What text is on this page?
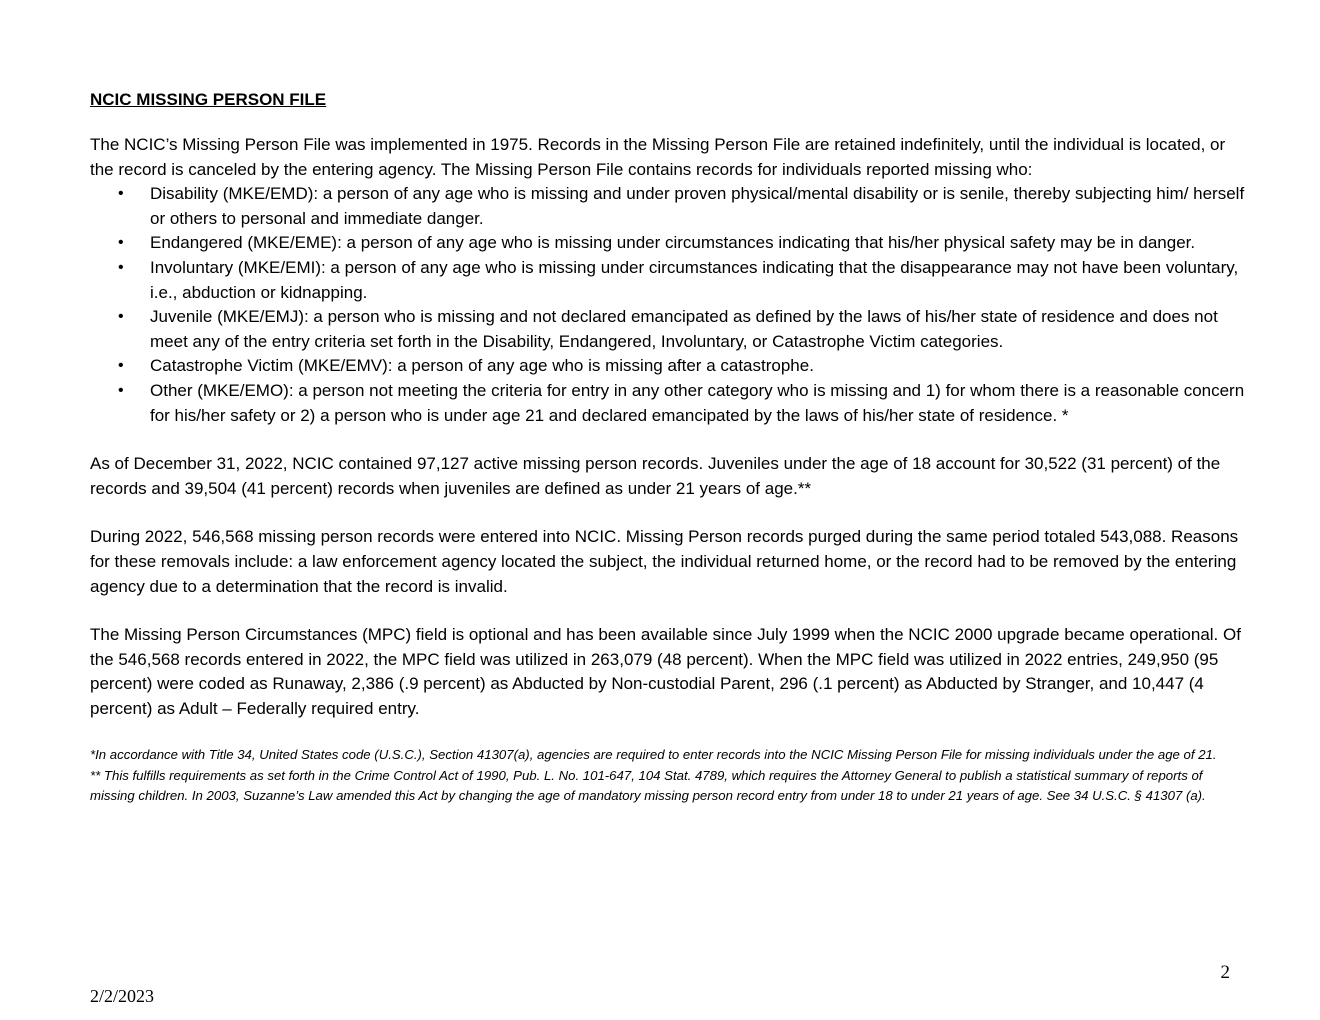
NCIC MISSING PERSON FILE

The NCIC’s Missing Person File was implemented in 1975. Records in the Missing Person File are retained indefinitely, until the individual is located, or the record is canceled by the entering agency. The Missing Person File contains records for individuals reported missing who:

• Disability (MKE/EMD): a person of any age who is missing and under proven physical/mental disability or is senile, thereby subjecting him/ herself or others to personal and immediate danger.
• Endangered (MKE/EME): a person of any age who is missing under circumstances indicating that his/her physical safety may be in danger.
• Involuntary (MKE/EMI): a person of any age who is missing under circumstances indicating that the disappearance may not have been voluntary, i.e., abduction or kidnapping.
• Juvenile (MKE/EMJ): a person who is missing and not declared emancipated as defined by the laws of his/her state of residence and does not meet any of the entry criteria set forth in the Disability, Endangered, Involuntary, or Catastrophe Victim categories.
• Catastrophe Victim (MKE/EMV): a person of any age who is missing after a catastrophe.
• Other (MKE/EMO): a person not meeting the criteria for entry in any other category who is missing and 1) for whom there is a reasonable concern for his/her safety or 2) a person who is under age 21 and declared emancipated by the laws of his/her state of residence. *

As of December 31, 2022, NCIC contained 97,127 active missing person records. Juveniles under the age of 18 account for 30,522 (31 percent) of the records and 39,504 (41 percent) records when juveniles are defined as under 21 years of age.**

During 2022, 546,568 missing person records were entered into NCIC. Missing Person records purged during the same period totaled 543,088. Reasons for these removals include: a law enforcement agency located the subject, the individual returned home, or the record had to be removed by the entering agency due to a determination that the record is invalid.

The Missing Person Circumstances (MPC) field is optional and has been available since July 1999 when the NCIC 2000 upgrade became operational. Of the 546,568 records entered in 2022, the MPC field was utilized in 263,079 (48 percent). When the MPC field was utilized in 2022 entries, 249,950 (95 percent) were coded as Runaway, 2,386 (.9 percent) as Abducted by Non-custodial Parent, 296 (.1 percent) as Abducted by Stranger, and 10,447 (4 percent) as Adult – Federally required entry.

*In accordance with Title 34, United States code (U.S.C.), Section 41307(a), agencies are required to enter records into the NCIC Missing Person File for missing individuals under the age of 21.

** This fulfills requirements as set forth in the Crime Control Act of 1990, Pub. L. No. 101-647, 104 Stat. 4789, which requires the Attorney General to publish a statistical summary of reports of missing children. In 2003, Suzanne’s Law amended this Act by changing the age of mandatory missing person record entry from under 18 to under 21 years of age. See 34 U.S.C. § 41307 (a).

2
2/2/2023
